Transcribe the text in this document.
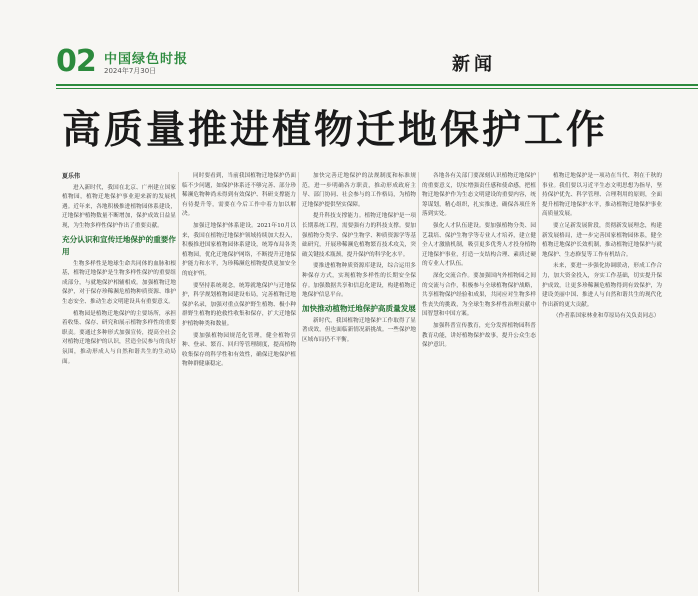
02 中国绿色时报
2024年7月30日	新闻
高质量推进植物迁地保护工作

夏乐伟

进入新时代，我国在北京、广州建立国家植物园，植物迁地保护事业迎来新的发展机遇。近年来，各地积极推进植物园体系建设，迁地保护植物数量不断增加，保护成效日益显现，为生物多样性保护作出了重要贡献。

充分认识和宣传迁地保护的重要作用

生物多样性是地球生命共同体的血脉和根基，植物迁地保护是生物多样性保护的重要组成部分，与就地保护相辅相成。加强植物迁地保护，对于保存珍稀濒危植物种质资源、维护生态安全、推动生态文明建设具有重要意义。

植物园是植物迁地保护的主要场所，承担着收集、保存、研究和展示植物多样性的重要职责。要通过多种形式加强宣传，提高全社会对植物迁地保护的认识，营造全民参与的良好氛围，推动形成人与自然和谐共生的生动局面。

同时要看到，当前我国植物迁地保护仍面临不少问题，如保护体系还不够完善、部分珍稀濒危物种尚未得到有效保护、科研支撑能力有待提升等，需要在今后工作中着力加以解决。

加强迁地保护体系建设。2021年10月以来，我国在植物迁地保护领域持续加大投入，积极推进国家植物园体系建设，统筹布局各类植物园，优化迁地保护网络，不断提升迁地保护能力和水平，为珍稀濒危植物提供更加安全的庇护所。

要坚持系统观念，统筹就地保护与迁地保护，科学规划植物园建设布局，完善植物迁地保护名录，加强对重点保护野生植物、极小种群野生植物的抢救性收集和保存，扩大迁地保护植物种类和数量。

要加强植物园规范化管理，健全植物引种、登录、繁育、回归等管理制度，提高植物收集保存的科学性和有效性，确保迁地保护植物种群健康稳定。

加快完善迁地保护的法规制度和标准规范，进一步明确各方职责，推动形成政府主导、部门协同、社会参与的工作格局，为植物迁地保护提供坚实保障。

提升科技支撑能力。植物迁地保护是一项长期系统工程，需要强有力的科技支撑。要加强植物分类学、保护生物学、种质资源学等基础研究，开展珍稀濒危植物繁育技术攻关，突破关键技术瓶颈，提升保护的科学化水平。

要推进植物种质资源库建设，综合运用多种保存方式，实现植物多样性的长期安全保存。加强数据共享和信息化建设，构建植物迁地保护信息平台。

加快推动植物迁地保护高质量发展

新时代，我国植物迁地保护工作取得了显著成效，但也面临新情况新挑战。一些保护地区域布局仍不平衡。

各地各有关部门要深刻认识植物迁地保护的重要意义，切实增强责任感和使命感，把植物迁地保护作为生态文明建设的重要内容，统筹谋划，精心组织，扎实推进，确保各项任务落到实处。

强化人才队伍建设。要加强植物分类、园艺栽培、保护生物学等专业人才培养，建立健全人才激励机制，吸引更多优秀人才投身植物迁地保护事业，打造一支结构合理、素质过硬的专业人才队伍。

深化交流合作。要加强国内外植物园之间的交流与合作，积极参与全球植物保护战略，共享植物保护经验和成果，共同应对生物多样性丧失的挑战，为全球生物多样性治理贡献中国智慧和中国方案。

加强科普宣传教育，充分发挥植物园科普教育功能，讲好植物保护故事，提升公众生态保护意识。

植物迁地保护是一项功在当代、利在千秋的事业。我们要以习近平生态文明思想为指导，坚持保护优先、科学管理、合理利用的原则，全面提升植物迁地保护水平，推动植物迁地保护事业高质量发展。

要立足新发展阶段，贯彻新发展理念，构建新发展格局，进一步完善国家植物园体系，健全植物迁地保护长效机制，推动植物迁地保护与就地保护、生态修复等工作有机结合。

未来，要进一步强化协调联动，形成工作合力，加大资金投入，夯实工作基础，切实提升保护成效，让更多珍稀濒危植物得到有效保护，为建设美丽中国、推进人与自然和谐共生的现代化作出新的更大贡献。

（作者系国家林业和草原局有关负责同志）
